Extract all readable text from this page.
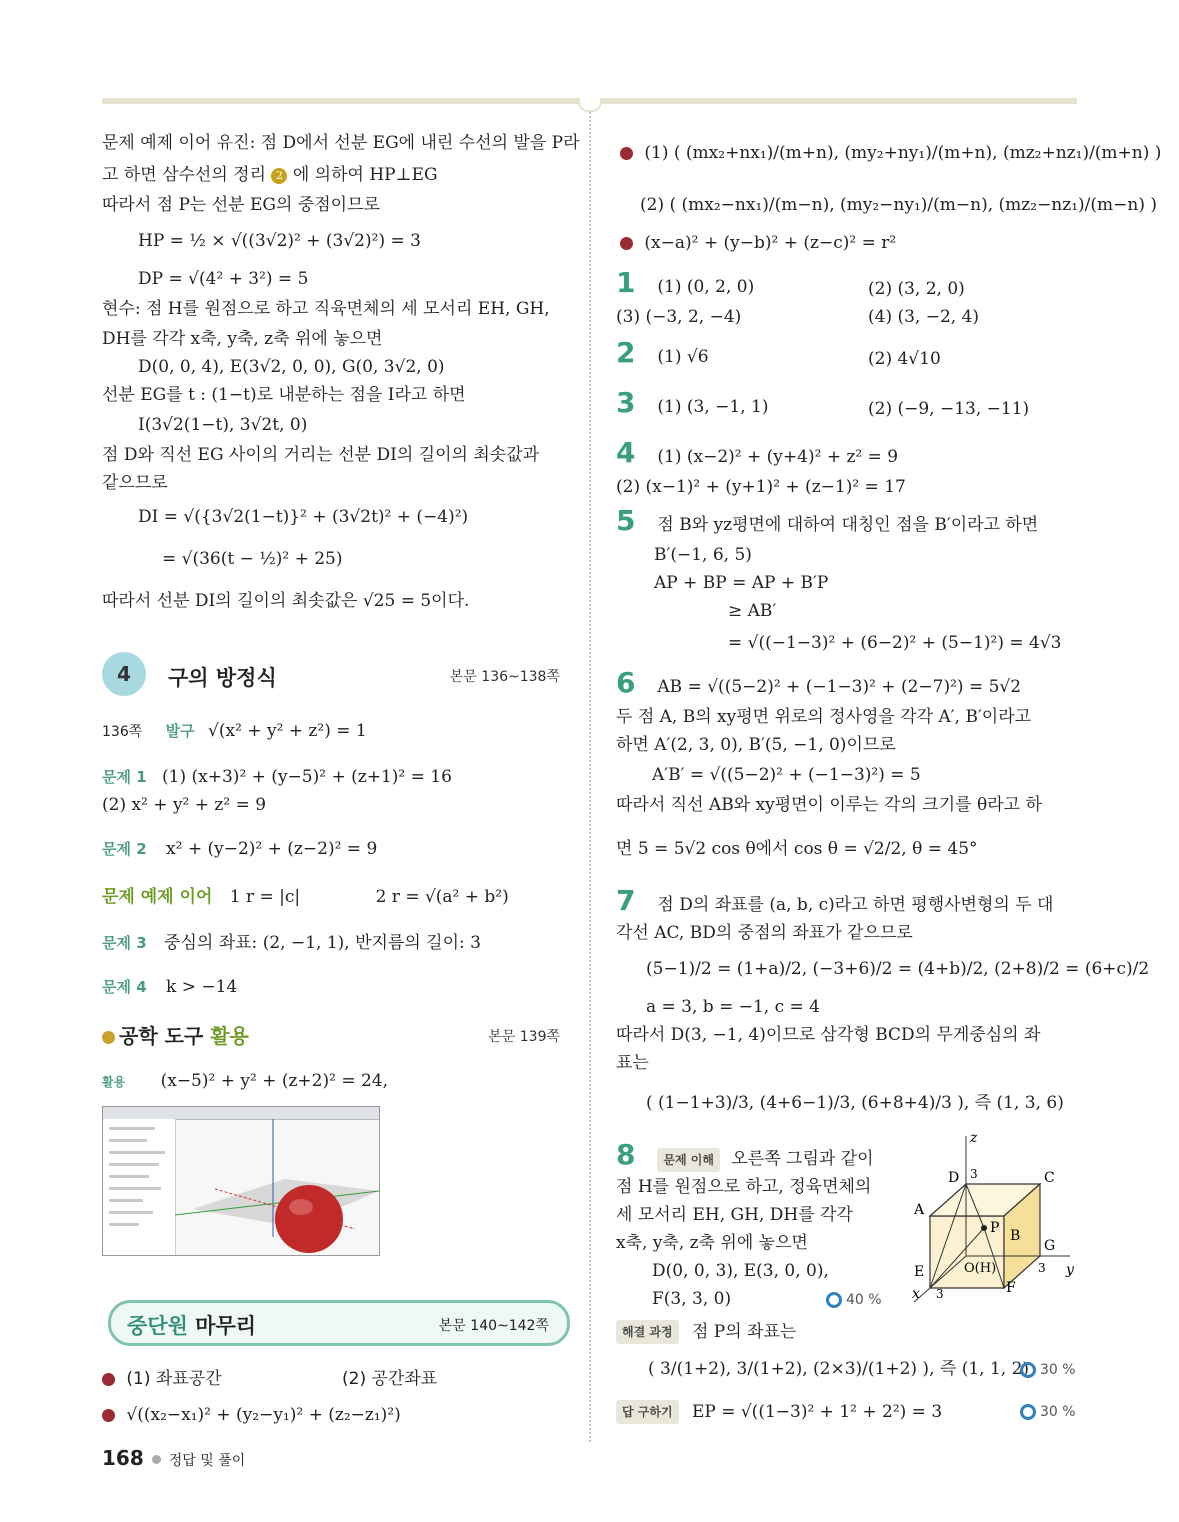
문제 예제 이어 유진: 점 D에서 선분 EG에 내린 수선의 발을 P라
고 하면 삼수선의 정리 2 에 의하여 HP⊥EG
따라서 점 P는 선분 EG의 중점이므로
HP = ½ × √((3√2)² + (3√2)²) = 3
DP = √(4² + 3²) = 5
현수: 점 H를 원점으로 하고 직육면체의 세 모서리 EH, GH,
DH를 각각 x축, y축, z축 위에 놓으면
D(0, 0, 4), E(3√2, 0, 0), G(0, 3√2, 0)
선분 EG를 t : (1−t)로 내분하는 점을 I라고 하면
I(3√2(1−t), 3√2t, 0)
점 D와 직선 EG 사이의 거리는 선분 DI의 길이의 최솟값과
같으므로
DI = √({3√2(1−t)}² + (3√2t)² + (−4)²)
= √(36(t − ½)² + 25)
따라서 선분 DI의 길이의 최솟값은 √25 = 5이다.
4	구의 방정식	본문 136~138쪽
136쪽 발구 √(x² + y² + z²) = 1
문제 1 (1) (x+3)² + (y−5)² + (z+1)² = 16
(2) x² + y² + z² = 9
문제 2 x² + (y−2)² + (z−2)² = 9
문제 예제 이어 1 r = |c|	2 r = √(a² + b²)
문제 3 중심의 좌표: (2, −1, 1), 반지름의 길이: 3
문제 4 k > −14
공학 도구 활용	본문 139쪽
활용 (x−5)² + y² + (z+2)² = 24,
중단원 마무리	본문 140~142쪽
(1) 좌표공간	(2) 공간좌표
√((x₂−x₁)² + (y₂−y₁)² + (z₂−z₁)²)
(1) ( (mx₂+nx₁)/(m+n), (my₂+ny₁)/(m+n), (mz₂+nz₁)/(m+n) )
(2) ( (mx₂−nx₁)/(m−n), (my₂−ny₁)/(m−n), (mz₂−nz₁)/(m−n) )
(x−a)² + (y−b)² + (z−c)² = r²
1 (1) (0, 2, 0)	(2) (3, 2, 0)
(3) (−3, 2, −4)	(4) (3, −2, 4)
2 (1) √6	(2) 4√10
3 (1) (3, −1, 1)	(2) (−9, −13, −11)
4 (1) (x−2)² + (y+4)² + z² = 9
(2) (x−1)² + (y+1)² + (z−1)² = 17
5 점 B와 yz평면에 대하여 대칭인 점을 B′이라고 하면
B′(−1, 6, 5)
AP + BP = AP + B′P
≥ AB′
= √((−1−3)² + (6−2)² + (5−1)²) = 4√3
6 AB = √((5−2)² + (−1−3)² + (2−7)²) = 5√2
두 점 A, B의 xy평면 위로의 정사영을 각각 A′, B′이라고
하면 A′(2, 3, 0), B′(5, −1, 0)이므로
A′B′ = √((5−2)² + (−1−3)²) = 5
따라서 직선 AB와 xy평면이 이루는 각의 크기를 θ라고 하
면 5 = 5√2 cos θ에서 cos θ = √2/2, θ = 45°
7 점 D의 좌표를 (a, b, c)라고 하면 평행사변형의 두 대
각선 AC, BD의 중점의 좌표가 같으므로
(5−1)/2 = (1+a)/2, (−3+6)/2 = (4+b)/2, (2+8)/2 = (6+c)/2
a = 3, b = −1, c = 4
따라서 D(3, −1, 4)이므로 삼각형 BCD의 무게중심의 좌
표는
( (1−1+3)/3, (4+6−1)/3, (6+8+4)/3 ), 즉 (1, 3, 6)
8 문제 이해 오른쪽 그림과 같이
점 H를 원점으로 하고, 정육면체의
세 모서리 EH, GH, DH를 각각
x축, y축, z축 위에 놓으면
D(0, 0, 3), E(3, 0, 0),
F(3, 3, 0)	40 %
해결 과정 점 P의 좌표는
( 3/(1+2), 3/(1+2), (2×3)/(1+2) ), 즉 (1, 1, 2) 30 %
답 구하기 EP = √((1−3)² + 1² + 2²) = 3	30 %
z
y
x
D 3	C
A
B
P
G
3
E
3	F
O(H)
168 정답 및 풀이
